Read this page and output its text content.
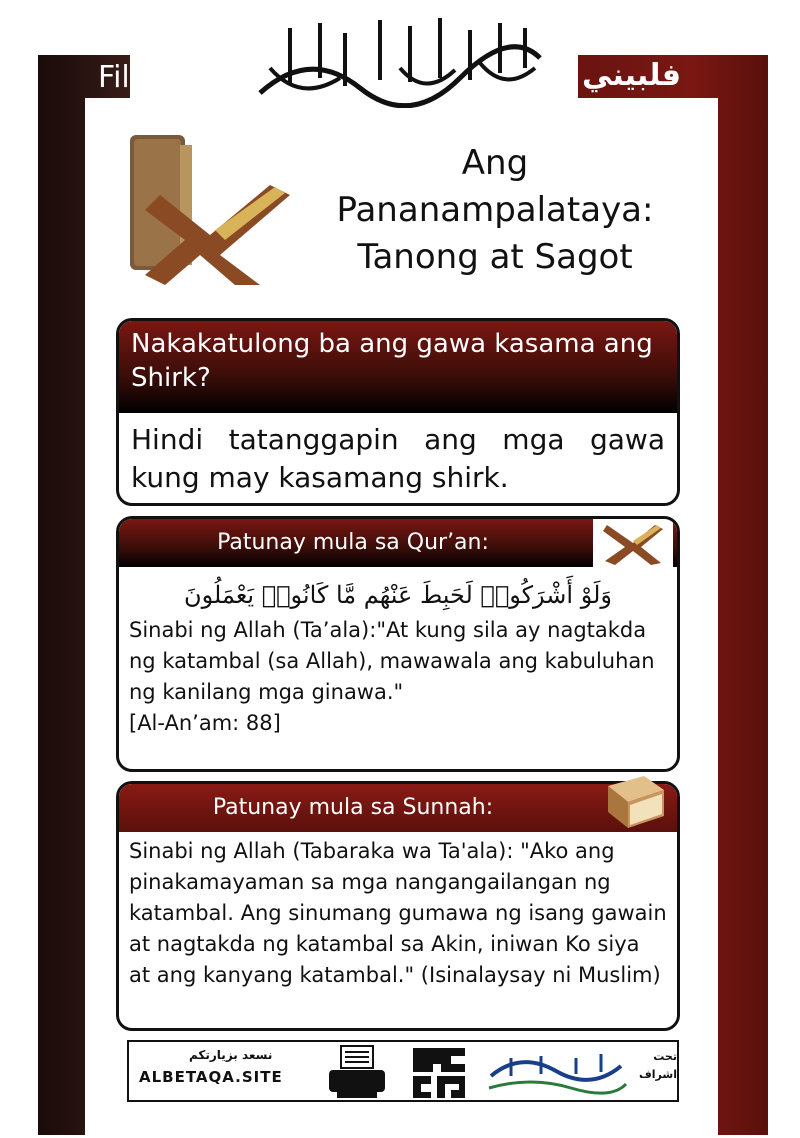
Filipino	فلبيني
Ang
Pananampalataya:
Tanong at Sagot
Nakakatulong ba ang gawa kasama ang Shirk?
Hindi tatanggapin ang mga gawa kung may kasamang shirk.
Patunay mula sa Qur’an:
وَلَوْ أَشْرَكُوا۟ لَحَبِطَ عَنْهُم مَّا كَانُوا۟ يَعْمَلُونَ
Sinabi ng Allah (Ta’ala):"At kung sila ay nagtakda ng katambal (sa Allah), mawawala ang kabuluhan ng kanilang mga ginawa."
[Al-An’am: 88]
Patunay mula sa Sunnah:
Sinabi ng Allah (Tabaraka wa Ta'ala): "Ako ang pinakamayaman sa mga nangangailangan ng katambal. Ang sinumang gumawa ng isang gawain at nagtakda ng katambal sa Akin, iniwan Ko siya at ang kanyang katambal." (Isinalaysay ni Muslim)
نسعد بزيارتكم
ALBETAQA.SITE
تحت
اشراف
